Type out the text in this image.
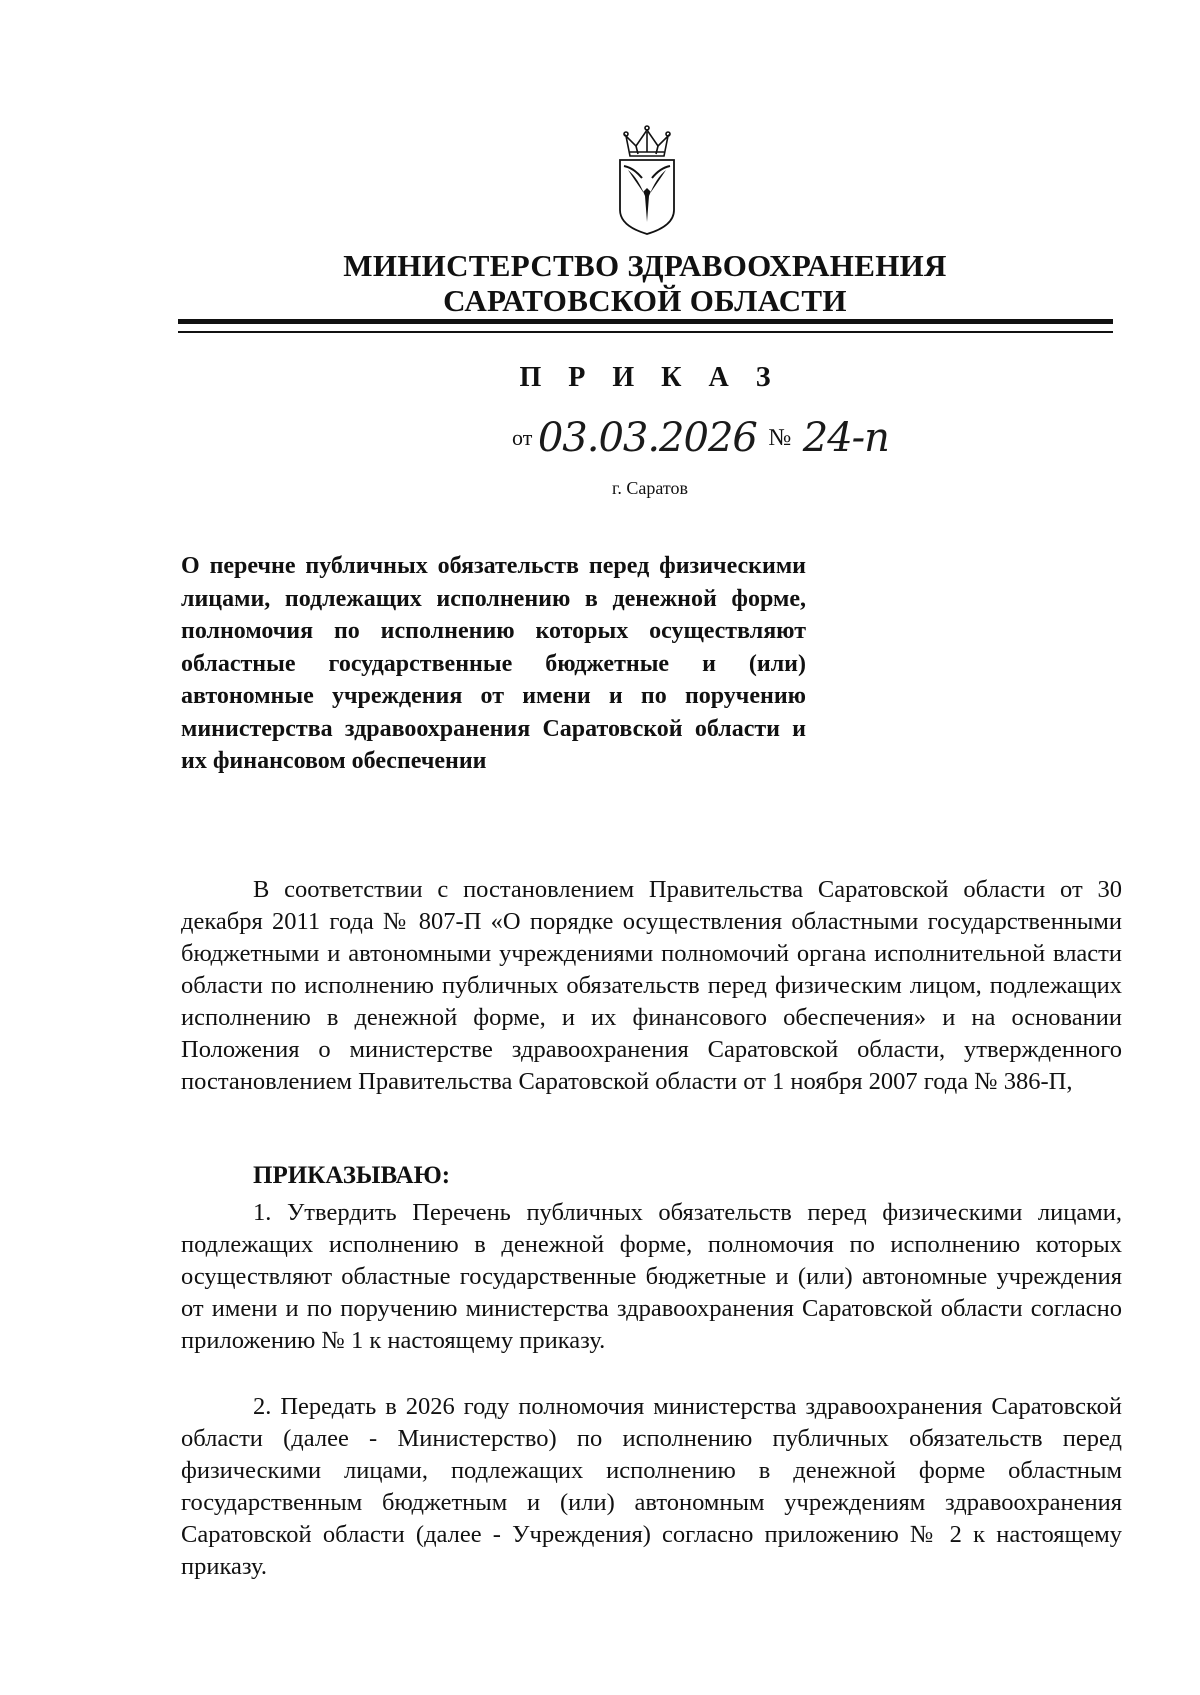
МИНИСТЕРСТВО ЗДРАВООХРАНЕНИЯ
САРАТОВСКОЙ ОБЛАСТИ
П Р И К А З
от 03.03.2026 № 24-п
г. Саратов
О перечне публичных обязательств перед физическими лицами, подлежащих исполнению в денежной форме, полномочия по исполнению которых осуществляют областные государственные бюджетные и (или) автономные учреждения от имени и по поручению министерства здравоохранения Саратовской области и их финансовом обеспечении
В соответствии с постановлением Правительства Саратовской области от 30 декабря 2011 года № 807-П «О порядке осуществления областными государственными бюджетными и автономными учреждениями полномочий органа исполнительной власти области по исполнению публичных обязательств перед физическим лицом, подлежащих исполнению в денежной форме, и их финансового обеспечения» и на основании Положения о министерстве здравоохранения Саратовской области, утвержденного постановлением Правительства Саратовской области от 1 ноября 2007 года № 386-П,
ПРИКАЗЫВАЮ:
1. Утвердить Перечень публичных обязательств перед физическими лицами, подлежащих исполнению в денежной форме, полномочия по исполнению которых осуществляют областные государственные бюджетные и (или) автономные учреждения от имени и по поручению министерства здравоохранения Саратовской области согласно приложению № 1 к настоящему приказу.
2. Передать в 2026 году полномочия министерства здравоохранения Саратовской области (далее - Министерство) по исполнению публичных обязательств перед физическими лицами, подлежащих исполнению в денежной форме областным государственным бюджетным и (или) автономным учреждениям здравоохранения Саратовской области (далее - Учреждения) согласно приложению № 2 к настоящему приказу.
